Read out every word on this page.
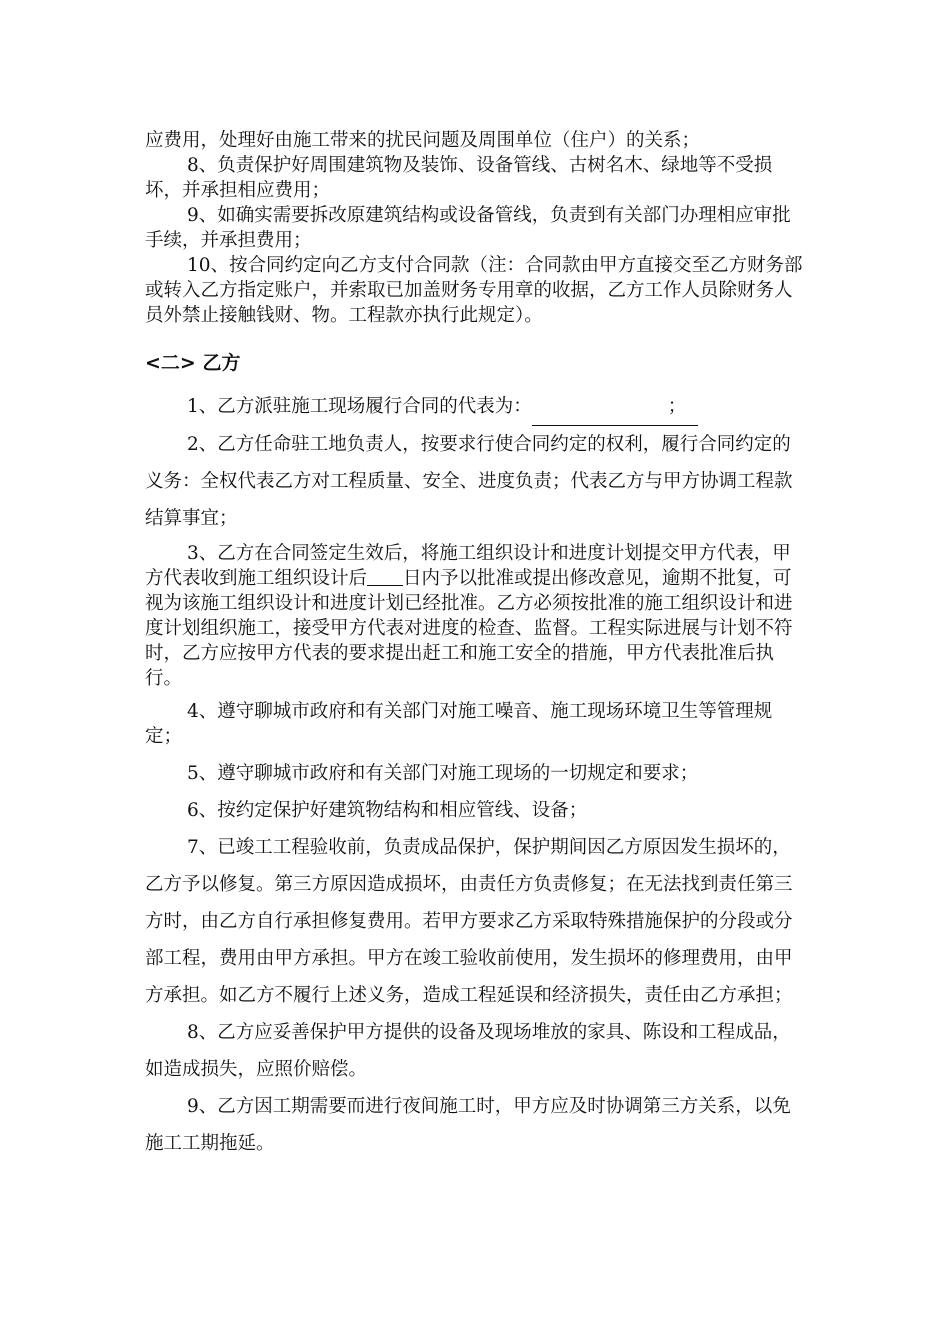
应费用，处理好由施工带来的扰民问题及周围单位（住户）的关系；

8、负责保护好周围建筑物及装饰、设备管线、古树名木、绿地等不受损坏，并承担相应费用；

9、如确实需要拆改原建筑结构或设备管线，负责到有关部门办理相应审批手续，并承担费用；

10、按合同约定向乙方支付合同款（注：合同款由甲方直接交至乙方财务部或转入乙方指定账户，并索取已加盖财务专用章的收据，乙方工作人员除财务人员外禁止接触钱财、物。工程款亦执行此规定）。

<二> 乙方

1、乙方派驻施工现场履行合同的代表为：	；

2、乙方任命驻工地负责人，按要求行使合同约定的权利，履行合同约定的义务：全权代表乙方对工程质量、安全、进度负责；代表乙方与甲方协调工程款结算事宜；

3、乙方在合同签定生效后，将施工组织设计和进度计划提交甲方代表，甲方代表收到施工组织设计后 日内予以批准或提出修改意见，逾期不批复，可视为该施工组织设计和进度计划已经批准。乙方必须按批准的施工组织设计和进度计划组织施工，接受甲方代表对进度的检查、监督。工程实际进展与计划不符时，乙方应按甲方代表的要求提出赶工和施工安全的措施，甲方代表批准后执行。

4、遵守聊城市政府和有关部门对施工噪音、施工现场环境卫生等管理规定；

5、遵守聊城市政府和有关部门对施工现场的一切规定和要求；

6、按约定保护好建筑物结构和相应管线、设备；

7、已竣工工程验收前，负责成品保护，保护期间因乙方原因发生损坏的，乙方予以修复。第三方原因造成损坏，由责任方负责修复；在无法找到责任第三方时，由乙方自行承担修复费用。若甲方要求乙方采取特殊措施保护的分段或分部工程，费用由甲方承担。甲方在竣工验收前使用，发生损坏的修理费用，由甲方承担。如乙方不履行上述义务，造成工程延误和经济损失，责任由乙方承担；

8、乙方应妥善保护甲方提供的设备及现场堆放的家具、陈设和工程成品，如造成损失，应照价赔偿。

9、乙方因工期需要而进行夜间施工时，甲方应及时协调第三方关系，以免施工工期拖延。
